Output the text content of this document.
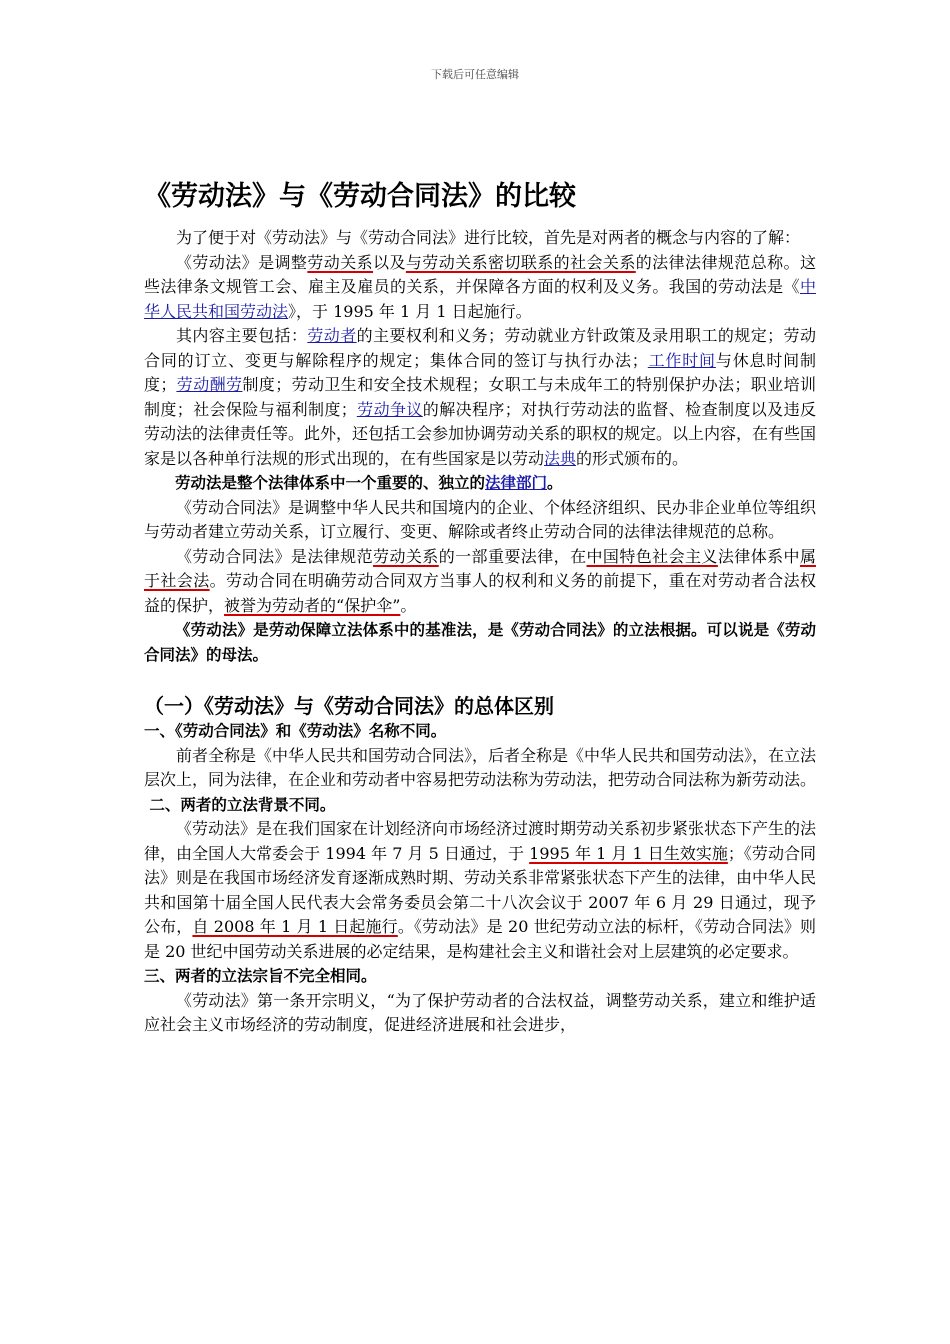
下载后可任意编辑
《劳动法》与《劳动合同法》的比较

为了便于对《劳动法》与《劳动合同法》进行比较，首先是对两者的概念与内容的了解：

《劳动法》是调整劳动关系以及与劳动关系密切联系的社会关系的法律法律规范总称。这些法律条文规管工会、雇主及雇员的关系，并保障各方面的权利及义务。我国的劳动法是《中华人民共和国劳动法》，于 1995 年 1 月 1 日起施行。

其内容主要包括：劳动者的主要权利和义务；劳动就业方针政策及录用职工的规定；劳动合同的订立、变更与解除程序的规定；集体合同的签订与执行办法；工作时间与休息时间制度；劳动酬劳制度；劳动卫生和安全技术规程；女职工与未成年工的特别保护办法；职业培训制度；社会保险与福利制度；劳动争议的解决程序；对执行劳动法的监督、检查制度以及违反劳动法的法律责任等。此外，还包括工会参加协调劳动关系的职权的规定。以上内容，在有些国家是以各种单行法规的形式出现的，在有些国家是以劳动法典的形式颁布的。

劳动法是整个法律体系中一个重要的、独立的法律部门。

《劳动合同法》是调整中华人民共和国境内的企业、个体经济组织、民办非企业单位等组织与劳动者建立劳动关系，订立履行、变更、解除或者终止劳动合同的法律法律规范的总称。

《劳动合同法》是法律规范劳动关系的一部重要法律，在中国特色社会主义法律体系中属于社会法。劳动合同在明确劳动合同双方当事人的权利和义务的前提下，重在对劳动者合法权益的保护，被誉为劳动者的“保护伞”。

《劳动法》是劳动保障立法体系中的基准法，是《劳动合同法》的立法根据。可以说是《劳动合同法》的母法。

（一）《劳动法》与《劳动合同法》的总体区别

一、《劳动合同法》和《劳动法》名称不同。

前者全称是《中华人民共和国劳动合同法》，后者全称是《中华人民共和国劳动法》，在立法层次上，同为法律，在企业和劳动者中容易把劳动法称为劳动法，把劳动合同法称为新劳动法。

二、两者的立法背景不同。

《劳动法》是在我们国家在计划经济向市场经济过渡时期劳动关系初步紧张状态下产生的法律，由全国人大常委会于 1994 年 7 月 5 日通过，于 1995 年 1 月 1 日生效实施；《劳动合同法》则是在我国市场经济发育逐渐成熟时期、劳动关系非常紧张状态下产生的法律，由中华人民共和国第十届全国人民代表大会常务委员会第二十八次会议于 2007 年 6 月 29 日通过，现予公布，自 2008 年 1 月 1 日起施行。《劳动法》是 20 世纪劳动立法的标杆，《劳动合同法》则是 20 世纪中国劳动关系进展的必定结果，是构建社会主义和谐社会对上层建筑的必定要求。

三、两者的立法宗旨不完全相同。

《劳动法》第一条开宗明义，“为了保护劳动者的合法权益，调整劳动关系，建立和维护适应社会主义市场经济的劳动制度，促进经济进展和社会进步，
